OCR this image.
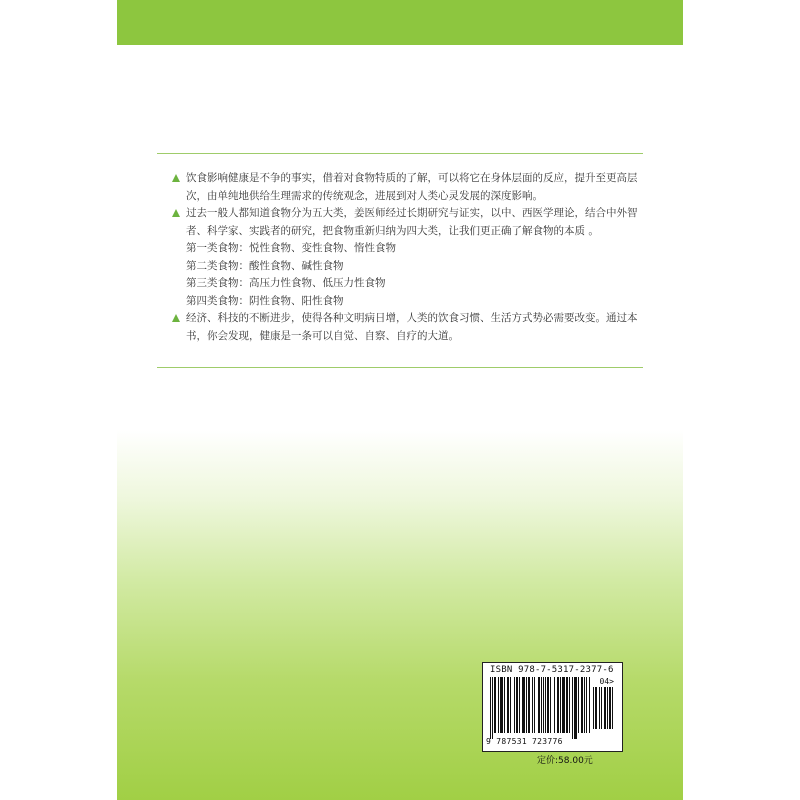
饮食影响健康是不争的事实，借着对食物特质的了解，可以将它在身体层面的反应，提升至更高层次，由单纯地供给生理需求的传统观念，进展到对人类心灵发展的深度影响。

过去一般人都知道食物分为五大类，姜医师经过长期研究与证实，以中、西医学理论，结合中外智者、科学家、实践者的研究，把食物重新归纳为四大类，让我们更正确了解食物的本质 。

第一类食物：悦性食物、变性食物、惰性食物

第二类食物：酸性食物、碱性食物

第三类食物：高压力性食物、低压力性食物

第四类食物：阴性食物、阳性食物

经济、科技的不断进步，使得各种文明病日增，人类的饮食习惯、生活方式势必需要改变。通过本书，你会发现，健康是一条可以自觉、自察、自疗的大道。

ISBN 978-7-5317-2377-6
04>
9 787531 723776
定价:58.00元
